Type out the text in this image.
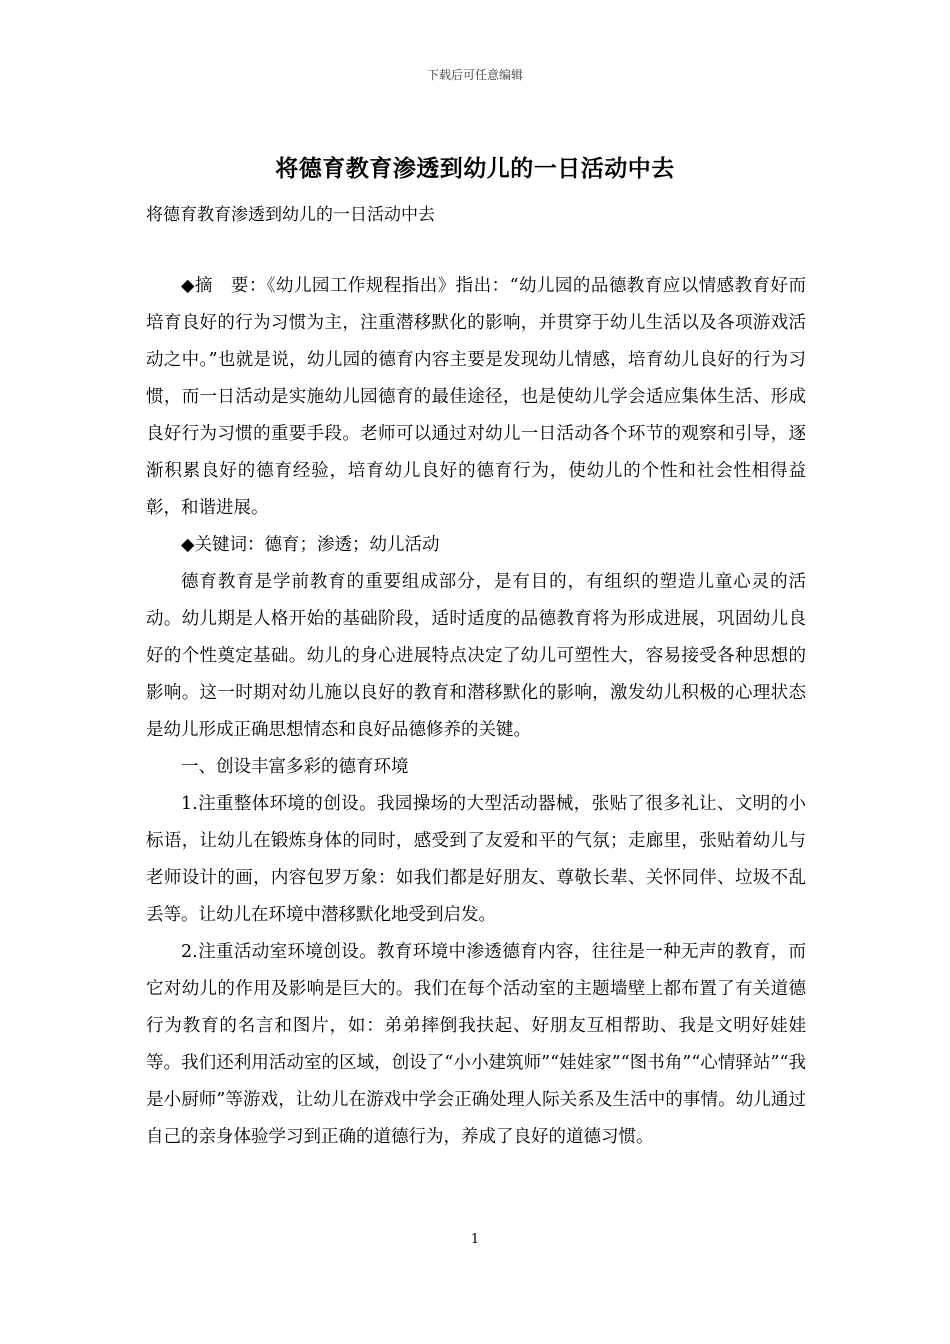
下载后可任意编辑
将德育教育渗透到幼儿的一日活动中去
将德育教育渗透到幼儿的一日活动中去

◆摘　要：《幼儿园工作规程指出》指出：“幼儿园的品德教育应以情感教育好而培育良好的行为习惯为主，注重潜移默化的影响，并贯穿于幼儿生活以及各项游戏活动之中。”也就是说，幼儿园的德育内容主要是发现幼儿情感，培育幼儿良好的行为习惯，而一日活动是实施幼儿园德育的最佳途径，也是使幼儿学会适应集体生活、形成良好行为习惯的重要手段。老师可以通过对幼儿一日活动各个环节的观察和引导，逐渐积累良好的德育经验，培育幼儿良好的德育行为，使幼儿的个性和社会性相得益彰，和谐进展。

◆关键词：德育；渗透；幼儿活动

德育教育是学前教育的重要组成部分，是有目的，有组织的塑造儿童心灵的活动。幼儿期是人格开始的基础阶段，适时适度的品德教育将为形成进展，巩固幼儿良好的个性奠定基础。幼儿的身心进展特点决定了幼儿可塑性大，容易接受各种思想的影响。这一时期对幼儿施以良好的教育和潜移默化的影响，激发幼儿积极的心理状态是幼儿形成正确思想情态和良好品德修养的关键。

一、创设丰富多彩的德育环境

1.注重整体环境的创设。我园操场的大型活动器械，张贴了很多礼让、文明的小标语，让幼儿在锻炼身体的同时，感受到了友爱和平的气氛；走廊里，张贴着幼儿与老师设计的画，内容包罗万象：如我们都是好朋友、尊敬长辈、关怀同伴、垃圾不乱丢等。让幼儿在环境中潜移默化地受到启发。

2.注重活动室环境创设。教育环境中渗透德育内容，往往是一种无声的教育，而它对幼儿的作用及影响是巨大的。我们在每个活动室的主题墙壁上都布置了有关道德行为教育的名言和图片，如：弟弟摔倒我扶起、好朋友互相帮助、我是文明好娃娃等。我们还利用活动室的区域，创设了“小小建筑师”“娃娃家”“图书角”“心情驿站”“我是小厨师”等游戏，让幼儿在游戏中学会正确处理人际关系及生活中的事情。幼儿通过自己的亲身体验学习到正确的道德行为，养成了良好的道德习惯。

1
